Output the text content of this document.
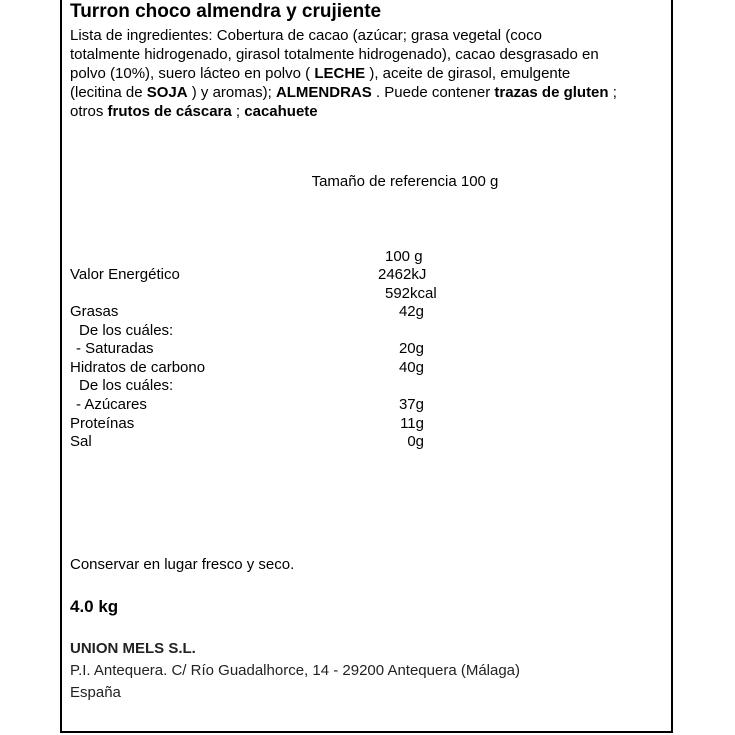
Turron choco almendra y crujiente

Lista de ingredientes: Cobertura de cacao (azúcar; grasa vegetal (coco

totalmente hidrogenado, girasol totalmente hidrogenado), cacao desgrasado en

polvo (10%), suero lácteo en polvo ( LECHE ), aceite de girasol, emulgente

(lecitina de SOJA ) y aromas); ALMENDRAS . Puede contener trazas de gluten ;

otros frutos de cáscara ; cacahuete

Tamaño de referencia 100 g
100 g
Valor Energético	2462kJ
592kcal
Grasas	42g
De los cuáles:
- Saturadas	20g
Hidratos de carbono	40g
De los cuáles:
- Azúcares	37g
Proteínas	11g
Sal	0g
Conservar en lugar fresco y seco.
4.0 kg
UNION MELS S.L.
P.I. Antequera. C/ Río Guadalhorce, 14 - 29200 Antequera (Málaga)
España
